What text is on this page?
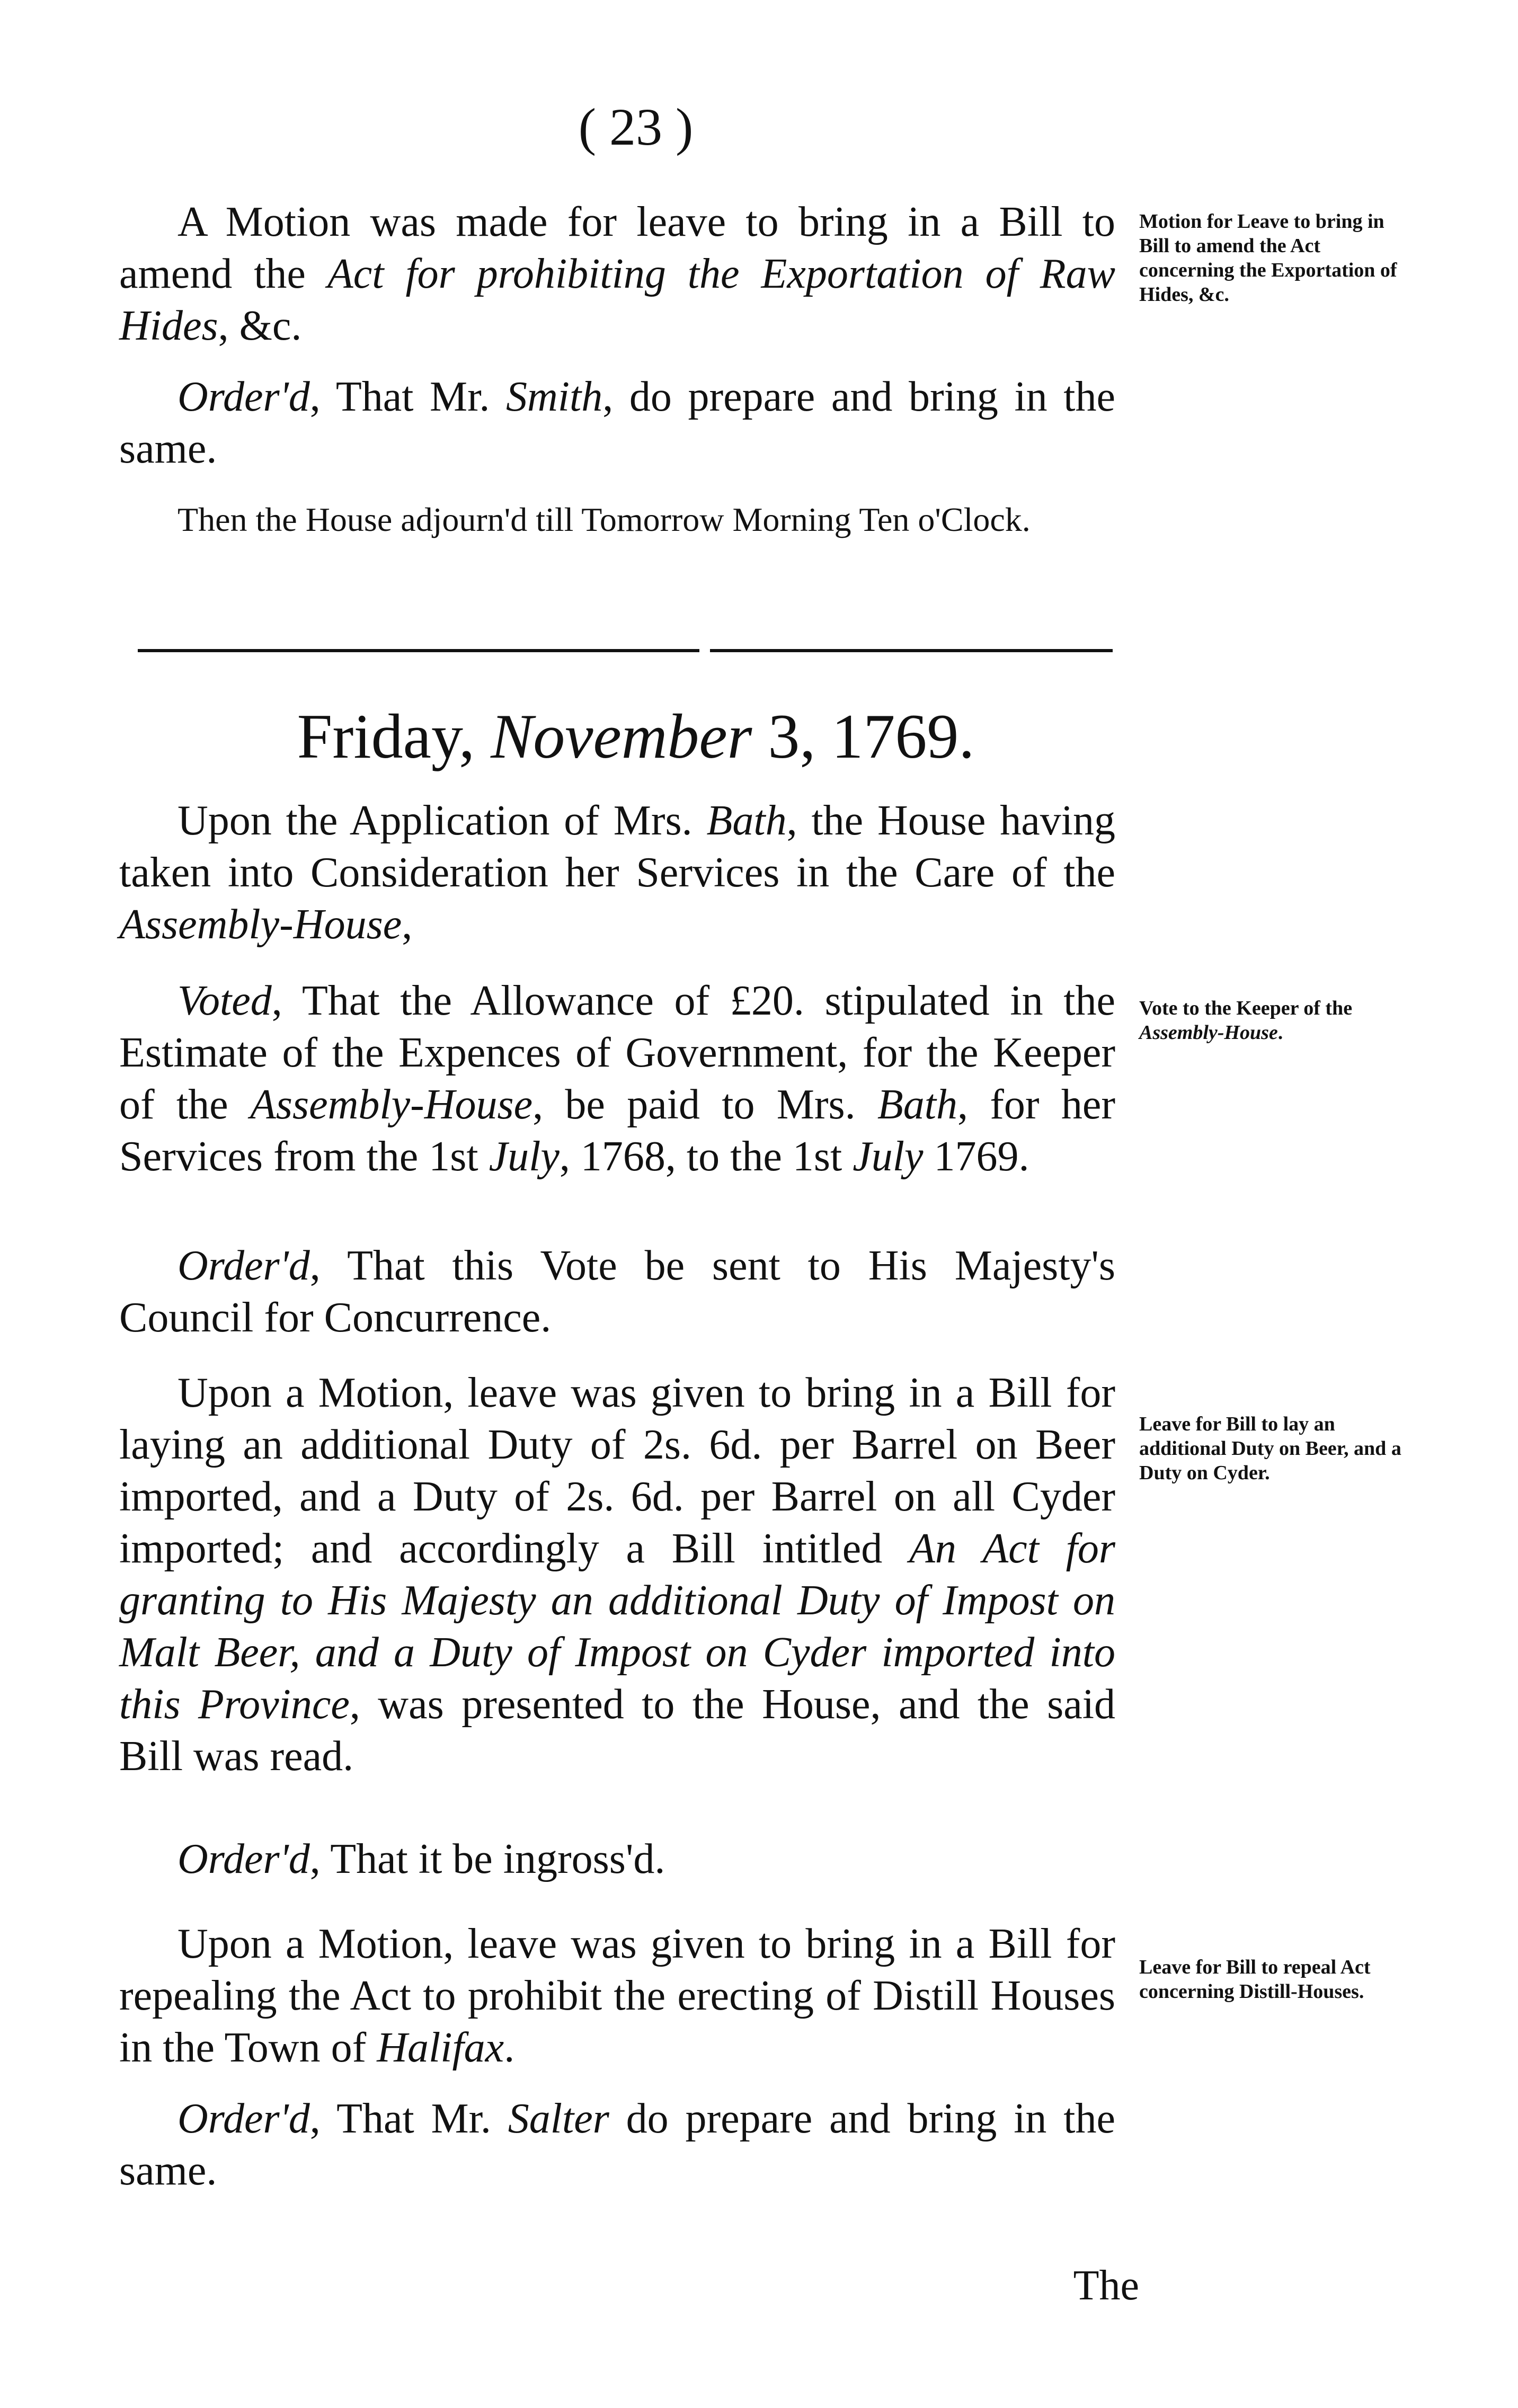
( 23 )
A Motion was made for leave to bring in a Bill to amend the Act for prohibiting the Exportation of Raw Hides, &c.
Motion for Leave to bring in Bill to amend the Act concerning the Exportation of Hides, &c.
Order'd, That Mr. Smith, do prepare and bring in the same.
Then the House adjourn'd till Tomorrow Morning Ten o'Clock.
Friday, November 3, 1769.
Upon the Application of Mrs. Bath, the House having taken into Consideration her Services in the Care of the Assembly-House,
Voted, That the Allowance of £20. stipulated in the Estimate of the Expences of Government, for the Keeper of the Assembly-House, be paid to Mrs. Bath, for her Services from the 1st July, 1768, to the 1st July 1769.
Vote to the Keeper of the Assembly-House.
Order'd, That this Vote be sent to His Majesty's Council for Concurrence.
Upon a Motion, leave was given to bring in a Bill for laying an additional Duty of 2s. 6d. per Barrel on Beer imported, and a Duty of 2s. 6d. per Barrel on all Cyder imported; and accordingly a Bill intitled An Act for granting to His Majesty an additional Duty of Impost on Malt Beer, and a Duty of Impost on Cyder imported into this Province, was presented to the House, and the said Bill was read.
Leave for Bill to lay an additional Duty on Beer, and a Duty on Cyder.
Order'd, That it be ingross'd.
Upon a Motion, leave was given to bring in a Bill for repealing the Act to prohibit the erecting of Distill Houses in the Town of Halifax.
Leave for Bill to repeal Act concerning Distill-Houses.
Order'd, That Mr. Salter do prepare and bring in the same.
The
